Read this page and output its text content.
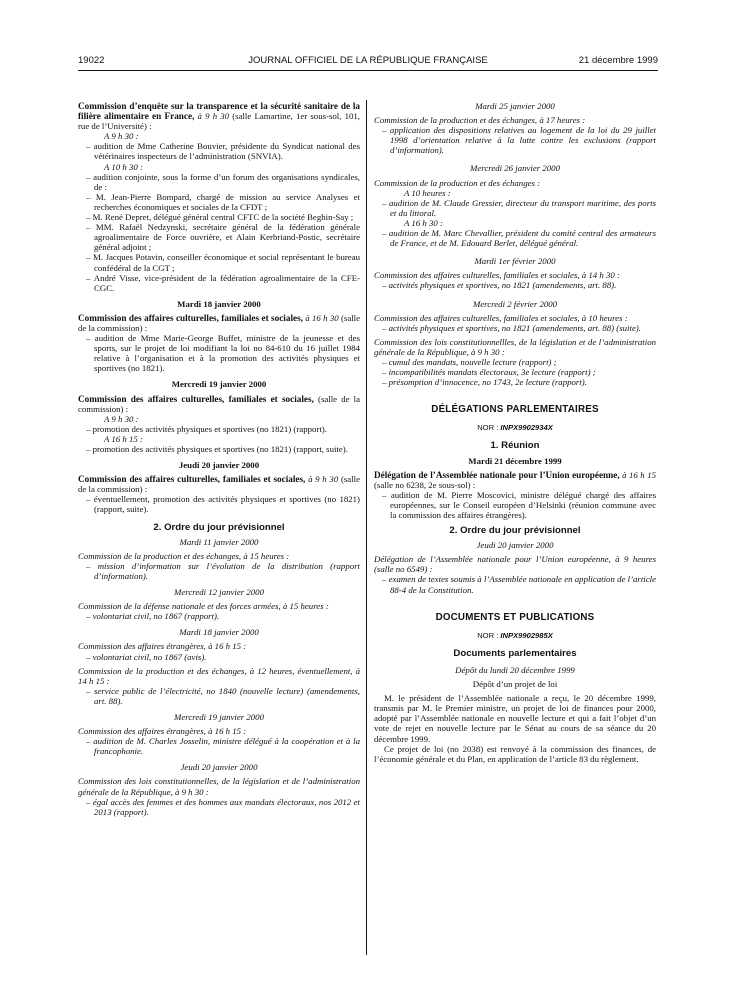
19022	JOURNAL OFFICIEL DE LA RÉPUBLIQUE FRANÇAISE	21 décembre 1999

Commission d’enquête sur la transparence et la sécurité sanitaire de la filière alimentaire en France, à 9 h 30 (salle Lamartine, 1er sous-sol, 101, rue de l’Université) :

A 9 h 30 :

– audition de Mme Catherine Bouvier, présidente du Syndicat national des vétérinaires inspecteurs de l’administration (SNVIA).

A 10 h 30 :

– audition conjointe, sous la forme d’un forum des organisations syndicales, de :

– M. Jean-Pierre Bompard, chargé de mission au service Analyses et recherches économiques et sociales de la CFDT ;

– M. René Depret, délégué général central CFTC de la société Beghin-Say ;

– MM. Rafaël Nedzynski, secrétaire général de la fédération générale agroalimentaire de Force ouvrière, et Alain Kerbriand-Postic, secrétaire général adjoint ;

– M. Jacques Potavin, conseiller économique et social représentant le bureau confédéral de la CGT ;

– André Visse, vice-président de la fédération agroalimentaire de la CFE-CGC.

Mardi 18 janvier 2000

Commission des affaires culturelles, familiales et sociales, à 16 h 30 (salle de la commission) :

– audition de Mme Marie-George Buffet, ministre de la jeunesse et des sports, sur le projet de loi modifiant la loi no 84-610 du 16 juillet 1984 relative à l’organisation et à la promotion des activités physiques et sportives (no 1821).

Mercredi 19 janvier 2000

Commission des affaires culturelles, familiales et sociales, (salle de la commission) :

A 9 h 30 :

– promotion des activités physiques et sportives (no 1821) (rapport).

A 16 h 15 :

– promotion des activités physiques et sportives (no 1821) (rapport, suite).

Jeudi 20 janvier 2000

Commission des affaires culturelles, familiales et sociales, à 9 h 30 (salle de la commission) :

– éventuellement, promotion des activités physiques et sportives (no 1821) (rapport, suite).

2. Ordre du jour prévisionnel
Mardi 11 janvier 2000

Commission de la production et des échanges, à 15 heures :

– mission d’information sur l’évolution de la distribution (rapport d’information).

Mercredi 12 janvier 2000

Commission de la défense nationale et des forces armées, à 15 heures :

– volontariat civil, no 1867 (rapport).

Mardi 18 janvier 2000

Commission des affaires étrangères, à 16 h 15 :

– volontariat civil, no 1867 (avis).

Commission de la production et des échanges, à 12 heures, éventuellement, à 14 h 15 :

– service public de l’électricité, no 1840 (nouvelle lecture) (amendements, art. 88).

Mercredi 19 janvier 2000

Commission des affaires étrangères, à 16 h 15 :

– audition de M. Charles Josselin, ministre délégué à la coopération et à la francophonie.

Jeudi 20 janvier 2000

Commission des lois constitutionnelles, de la législation et de l’administration générale de la République, à 9 h 30 :

– égal accès des femmes et des hommes aux mandats électoraux, nos 2012 et 2013 (rapport).

Mardi 25 janvier 2000

Commission de la production et des échanges, à 17 heures :

– application des dispositions relatives au logement de la loi du 29 juillet 1998 d’orientation relative à la lutte contre les exclusions (rapport d’information).

Mercredi 26 janvier 2000

Commission de la production et des échanges :

A 10 heures :

– audition de M. Claude Gressier, directeur du transport maritime, des ports et du littoral.

A 16 h 30 :

– audition de M. Marc Chevallier, président du comité central des armateurs de France, et de M. Edouard Berlet, délégué général.

Mardi 1er février 2000

Commission des affaires culturelles, familiales et sociales, à 14 h 30 :

– activités physiques et sportives, no 1821 (amendements, art. 88).

Mercredi 2 février 2000

Commission des affaires culturelles, familiales et sociales, à 10 heures :

– activités physiques et sportives, no 1821 (amendements, art. 88) (suite).

Commission des lois constitutionnellles, de la législation et de l’administration générale de la République, à 9 h 30 :

– cumul des mandats, nouvelle lecture (rapport) ;

– incompatibilités mandats électoraux, 3e lecture (rapport) ;

– présomption d’innocence, no 1743, 2e lecture (rapport).

DÉLÉGATIONS PARLEMENTAIRES
NOR : INPX9902934X
1. Réunion
Mardi 21 décembre 1999

Délégation de l’Assemblée nationale pour l’Union européenne, à 16 h 15 (salle no 6238, 2e sous-sol) :

– audition de M. Pierre Moscovici, ministre délégué chargé des affaires européennes, sur le Conseil européen d’Helsinki (réunion commune avec la commission des affaires étrangères).

2. Ordre du jour prévisionnel
Jeudi 20 janvier 2000

Délégation de l’Assemblée nationale pour l’Union européenne, à 9 heures (salle no 6549) :

– examen de textes soumis à l’Assemblée nationale en application de l’article 88-4 de la Constitution.

DOCUMENTS ET PUBLICATIONS
NOR : INPX9902985X
Documents parlementaires
Dépôt du lundi 20 décembre 1999
Dépôt d’un projet de loi

M. le président de l’Assemblée nationale a reçu, le 20 décembre 1999, transmis par M. le Premier ministre, un projet de loi de finances pour 2000, adopté par l’Assemblée nationale en nouvelle lecture et qui a fait l’objet d’un vote de rejet en nouvelle lecture par le Sénat au cours de sa séance du 20 décembre 1999.

Ce projet de loi (no 2038) est renvoyé à la commission des finances, de l’économie générale et du Plan, en application de l’article 83 du règlement.
